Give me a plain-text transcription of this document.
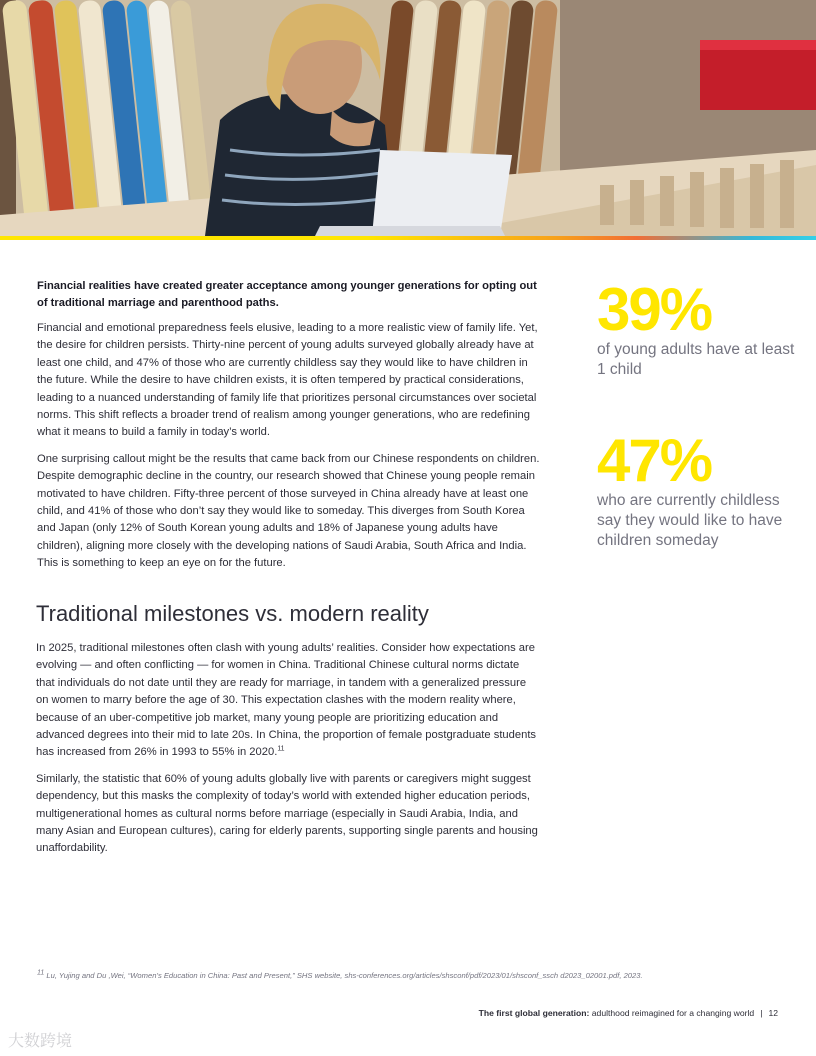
Financial realities have created greater acceptance among younger generations for opting out of traditional marriage and parenthood paths.

Financial and emotional preparedness feels elusive, leading to a more realistic view of family life. Yet, the desire for children persists. Thirty-nine percent of young adults surveyed globally already have at least one child, and 47% of those who are currently childless say they would like to have children in the future. While the desire to have children exists, it is often tempered by practical considerations, leading to a nuanced understanding of family life that prioritizes personal circumstances over societal norms. This shift reflects a broader trend of realism among younger generations, who are redefining what it means to build a family in today’s world.

One surprising callout might be the results that came back from our Chinese respondents on children. Despite demographic decline in the country, our research showed that Chinese young people remain motivated to have children. Fifty-three percent of those surveyed in China already have at least one child, and 41% of those who don’t say they would like to someday. This diverges from South Korea and Japan (only 12% of South Korean young adults and 18% of Japanese young adults have children), aligning more closely with the developing nations of Saudi Arabia, South Africa and India. This is something to keep an eye on for the future.

Traditional milestones vs. modern reality

In 2025, traditional milestones often clash with young adults’ realities. Consider how expectations are evolving — and often conflicting — for women in China. Traditional Chinese cultural norms dictate that individuals do not date until they are ready for marriage, in tandem with a generalized pressure on women to marry before the age of 30. This expectation clashes with the modern reality where, because of an uber-competitive job market, many young people are prioritizing education and advanced degrees into their mid to late 20s. In China, the proportion of female postgraduate students has increased from 26% in 1993 to 55% in 2020.11

Similarly, the statistic that 60% of young adults globally live with parents or caregivers might suggest dependency, but this masks the complexity of today’s world with extended higher education periods, multigenerational homes as cultural norms before marriage (especially in Saudi Arabia, India, and many Asian and European cultures), caring for elderly parents, supporting single parents and housing unaffordability.

39%

of young adults have at least 1 child

47%

who are currently childless say they would like to have children someday

$^{11}$ Lu, Yujing and Du ,Wei, “Women’s Education in China: Past and Present,” SHS website, shs-conferences.org/articles/shsconf/pdf/2023/01/shsconf_ssch d2023_02001.pdf, 2023.
The first global generation: adulthood reimagined for a changing world | 12
大数跨境
